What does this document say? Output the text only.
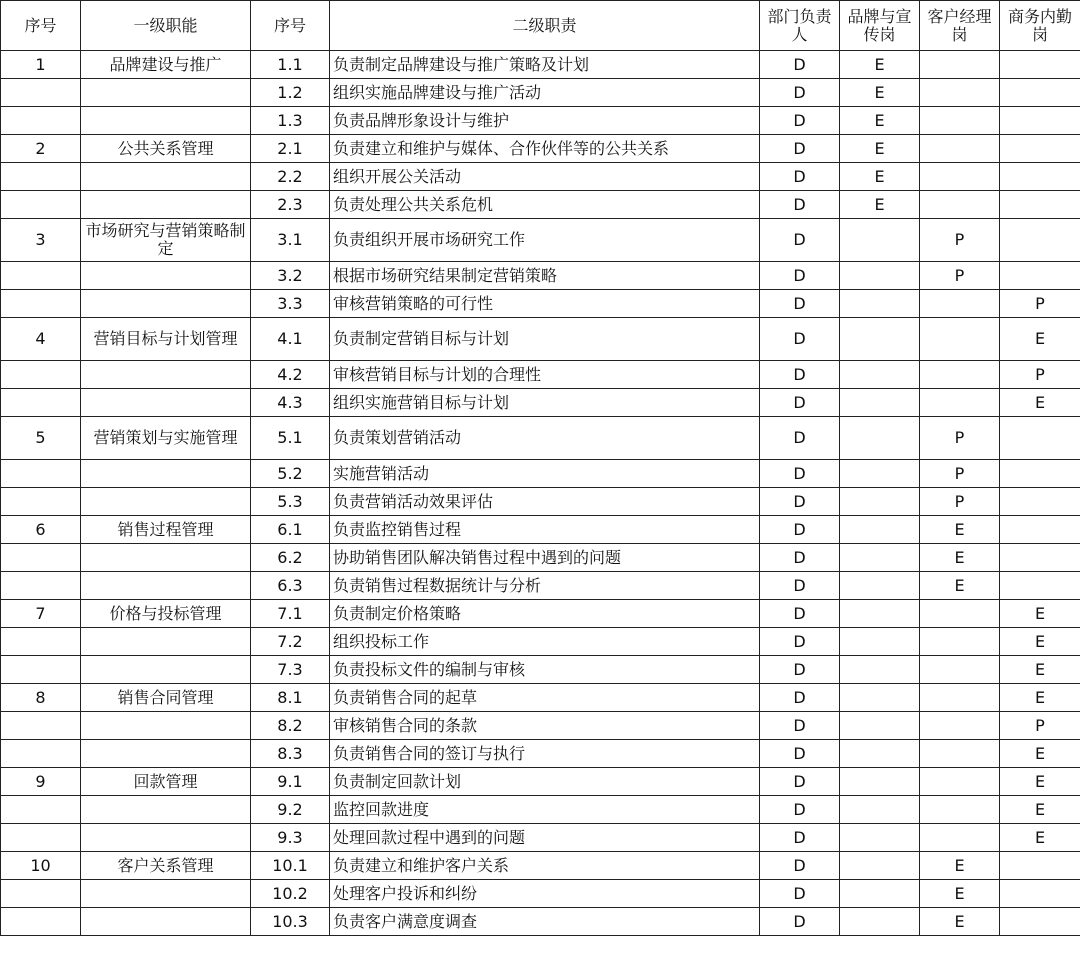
序号	一级职能	序号	二级职责	部门负责人	品牌与宣传岗	客户经理岗	商务内勤岗
1	品牌建设与推广	1.1	负责制定品牌建设与推广策略及计划	D	E		
		1.2	组织实施品牌建设与推广活动	D	E		
		1.3	负责品牌形象设计与维护	D	E		
2	公共关系管理	2.1	负责建立和维护与媒体、合作伙伴等的公共关系	D	E		
		2.2	组织开展公关活动	D	E		
		2.3	负责处理公共关系危机	D	E		
3	市场研究与营销策略制定	3.1	负责组织开展市场研究工作	D		P	
		3.2	根据市场研究结果制定营销策略	D		P	
		3.3	审核营销策略的可行性	D			P
4	营销目标与计划管理	4.1	负责制定营销目标与计划	D			E
		4.2	审核营销目标与计划的合理性	D			P
		4.3	组织实施营销目标与计划	D			E
5	营销策划与实施管理	5.1	负责策划营销活动	D		P	
		5.2	实施营销活动	D		P	
		5.3	负责营销活动效果评估	D		P	
6	销售过程管理	6.1	负责监控销售过程	D		E	
		6.2	协助销售团队解决销售过程中遇到的问题	D		E	
		6.3	负责销售过程数据统计与分析	D		E	
7	价格与投标管理	7.1	负责制定价格策略	D			E
		7.2	组织投标工作	D			E
		7.3	负责投标文件的编制与审核	D			E
8	销售合同管理	8.1	负责销售合同的起草	D			E
		8.2	审核销售合同的条款	D			P
		8.3	负责销售合同的签订与执行	D			E
9	回款管理	9.1	负责制定回款计划	D			E
		9.2	监控回款进度	D			E
		9.3	处理回款过程中遇到的问题	D			E
10	客户关系管理	10.1	负责建立和维护客户关系	D		E	
		10.2	处理客户投诉和纠纷	D		E	
		10.3	负责客户满意度调查	D		E	
